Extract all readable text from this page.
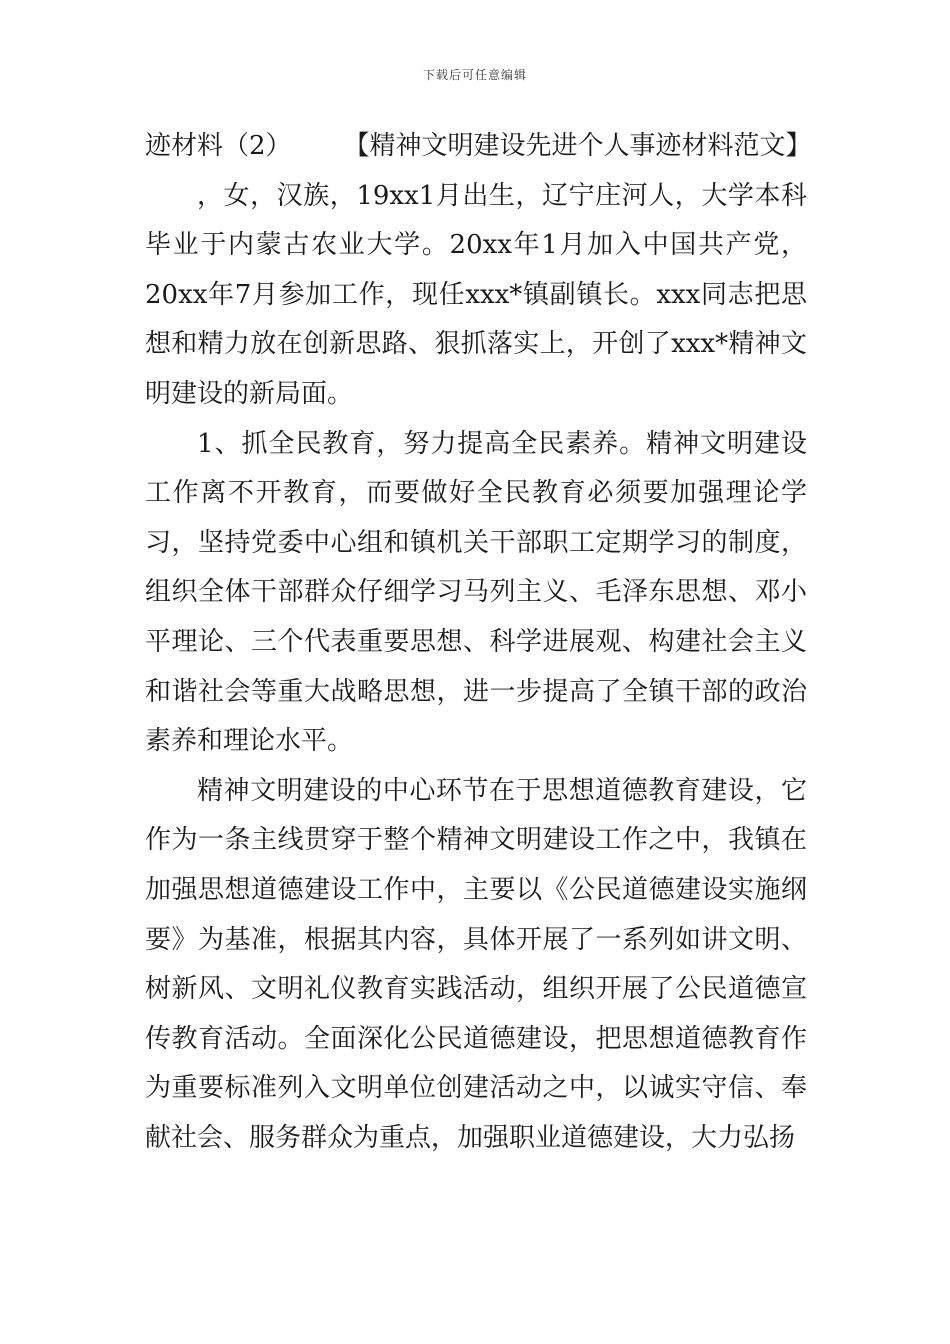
下载后可任意编辑

迹材料（2）　　　【精神文明建设先进个人事迹材料范文】

，女，汉族，19xx1月出生，辽宁庄河人，大学本科毕业于内蒙古农业大学。20xx年1月加入中国共产党，20xx年7月参加工作，现任xxx*镇副镇长。xxx同志把思想和精力放在创新思路、狠抓落实上，开创了xxx*精神文明建设的新局面。

1、抓全民教育，努力提高全民素养。精神文明建设工作离不开教育，而要做好全民教育必须要加强理论学习，坚持党委中心组和镇机关干部职工定期学习的制度，组织全体干部群众仔细学习马列主义、毛泽东思想、邓小平理论、三个代表重要思想、科学进展观、构建社会主义和谐社会等重大战略思想，进一步提高了全镇干部的政治素养和理论水平。

精神文明建设的中心环节在于思想道德教育建设，它作为一条主线贯穿于整个精神文明建设工作之中，我镇在加强思想道德建设工作中，主要以《公民道德建设实施纲要》为基准，根据其内容，具体开展了一系列如讲文明、树新风、文明礼仪教育实践活动，组织开展了公民道德宣传教育活动。全面深化公民道德建设，把思想道德教育作为重要标准列入文明单位创建活动之中，以诚实守信、奉献社会、服务群众为重点，加强职业道德建设，大力弘扬
